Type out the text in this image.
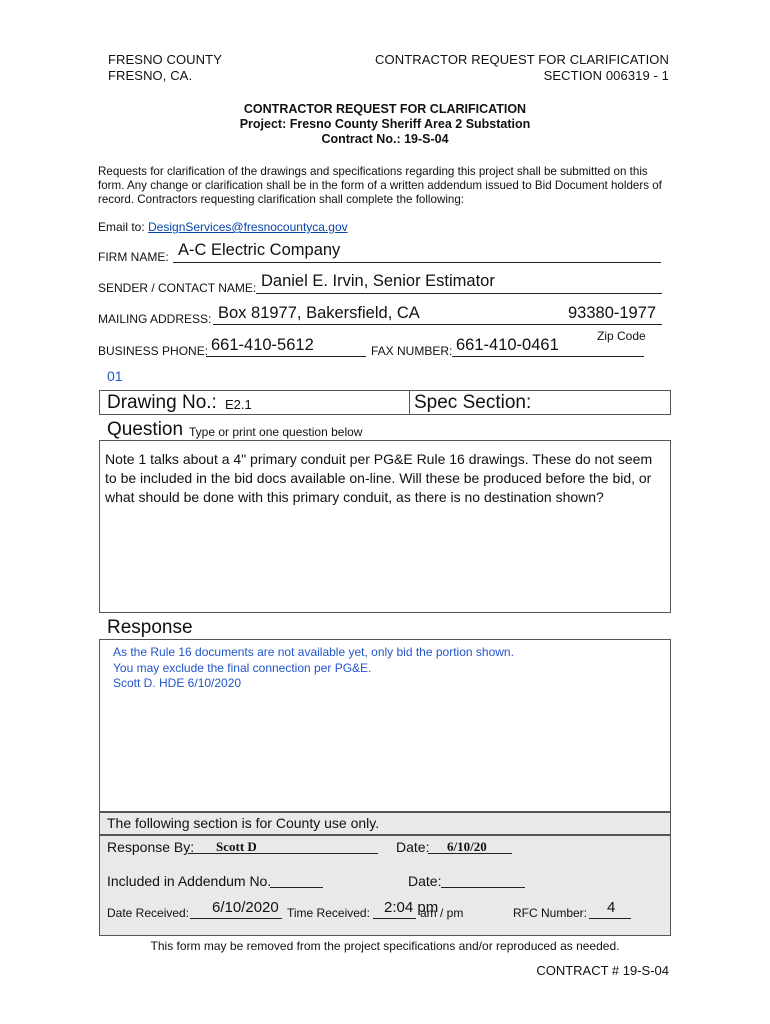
FRESNO COUNTY
FRESNO, CA.
CONTRACTOR REQUEST FOR CLARIFICATION
SECTION 006319 - 1
CONTRACTOR REQUEST FOR CLARIFICATION
Project: Fresno County Sheriff Area 2 Substation
Contract No.: 19-S-04
Requests for clarification of the drawings and specifications regarding this project shall be submitted on this form. Any change or clarification shall be in the form of a written addendum issued to Bid Document holders of record. Contractors requesting clarification shall complete the following:
Email to: DesignServices@fresnocountyca.gov
FIRM NAME: A-C Electric Company
SENDER / CONTACT NAME: Daniel E. Irvin, Senior Estimator
MAILING ADDRESS: Box 81977, Bakersfield, CA	93380-1977
Zip Code
BUSINESS PHONE: 661-410-5612	FAX NUMBER: 661-410-0461
01
Drawing No.: E2.1	Spec Section:
Question Type or print one question below
Note 1 talks about a 4" primary conduit per PG&E Rule 16 drawings. These do not seem to be included in the bid docs available on-line. Will these be produced before the bid, or what should be done with this primary conduit, as there is no destination shown?
Response
As the Rule 16 documents are not available yet, only bid the portion shown.
You may exclude the final connection per PG&E.
Scott D. HDE 6/10/2020
The following section is for County use only.
Response By: Scott D	Date: 6/10/20
Included in Addendum No.	Date:
Date Received: 6/10/2020 Time Received: 2:04 pm
am / pm	RFC Number: 4
This form may be removed from the project specifications and/or reproduced as needed.
CONTRACT # 19-S-04
